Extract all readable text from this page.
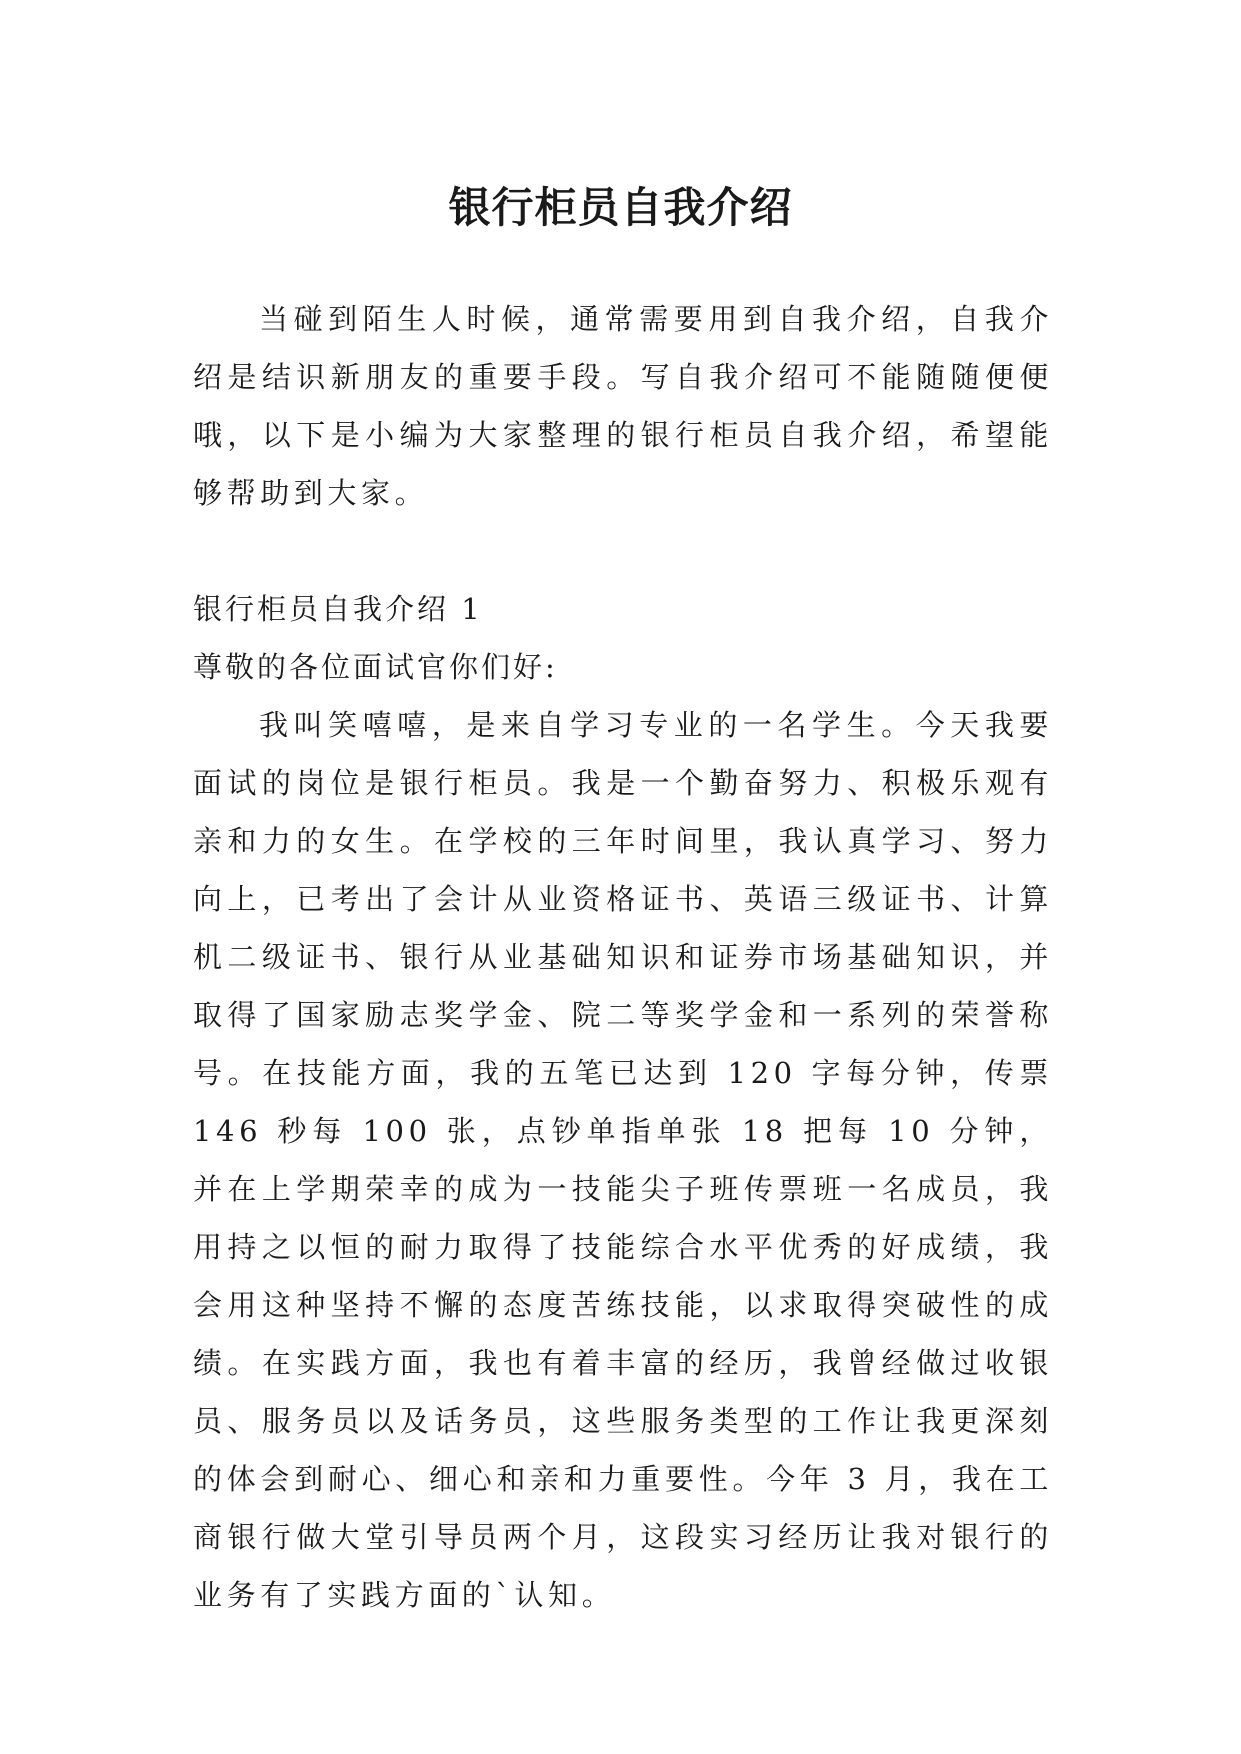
银行柜员自我介绍

当碰到陌生人时候，通常需要用到自我介绍，自我介绍是结识新朋友的重要手段。写自我介绍可不能随随便便哦，以下是小编为大家整理的银行柜员自我介绍，希望能够帮助到大家。

银行柜员自我介绍 1

尊敬的各位面试官你们好:

我叫笑嘻嘻，是来自学习专业的一名学生。今天我要面试的岗位是银行柜员。我是一个勤奋努力、积极乐观有亲和力的女生。在学校的三年时间里，我认真学习、努力向上，已考出了会计从业资格证书、英语三级证书、计算机二级证书、银行从业基础知识和证券市场基础知识，并取得了国家励志奖学金、院二等奖学金和一系列的荣誉称号。在技能方面，我的五笔已达到 120 字每分钟，传票 146 秒每 100 张，点钞单指单张 18 把每 10 分钟，并在上学期荣幸的成为一技能尖子班传票班一名成员，我用持之以恒的耐力取得了技能综合水平优秀的好成绩，我会用这种坚持不懈的态度苦练技能，以求取得突破性的成绩。在实践方面，我也有着丰富的经历，我曾经做过收银员、服务员以及话务员，这些服务类型的工作让我更深刻的体会到耐心、细心和亲和力重要性。今年 3 月，我在工商银行做大堂引导员两个月，这段实习经历让我对银行的业务有了实践方面的`认知。
